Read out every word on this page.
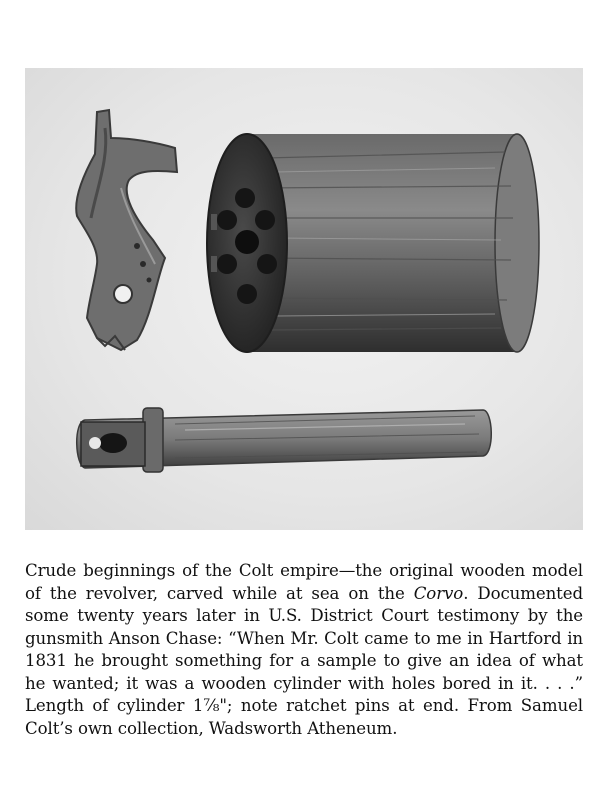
Crude beginnings of the Colt empire—the original wooden model of the revolver, carved while at sea on the Corvo. Documented some twenty years later in U.S. District Court testimony by the gunsmith Anson Chase: “When Mr. Colt came to me in Hartford in 1831 he brought something for a sample to give an idea of what he wanted; it was a wooden cylinder with holes bored in it. . . .” Length of cylinder 1⅞"; note ratchet pins at end. From Samuel Colt’s own collection, Wadsworth Atheneum.
